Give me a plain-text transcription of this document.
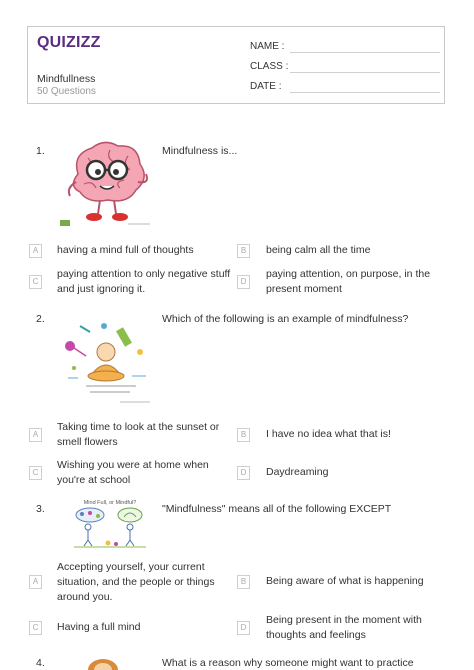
QUIZIZZ
Mindfullness
50 Questions
NAME :
CLASS :
DATE :
1.	Mindfulness is...
A	having a mind full of thoughts	B	being calm all the time
C
paying attention to only negative stuff and just ignoring it.
D
paying attention, on purpose, in the present moment
2.	Which of the following is an example of mindfulness?
A
Taking time to look at the sunset or smell flowers
B	I have no idea what that is!
C
Wishing you were at home when you're at school
D	Daydreaming
3.	"Mindfulness" means all of the following EXCEPT
Mind Full, or Mindful?
A
Accepting yourself, your current situation, and the people or things around you.
B	Being aware of what is happening
C	Having a full mind	D
Being present in the moment with thoughts and feelings
4.	What is a reason why someone might want to practice
